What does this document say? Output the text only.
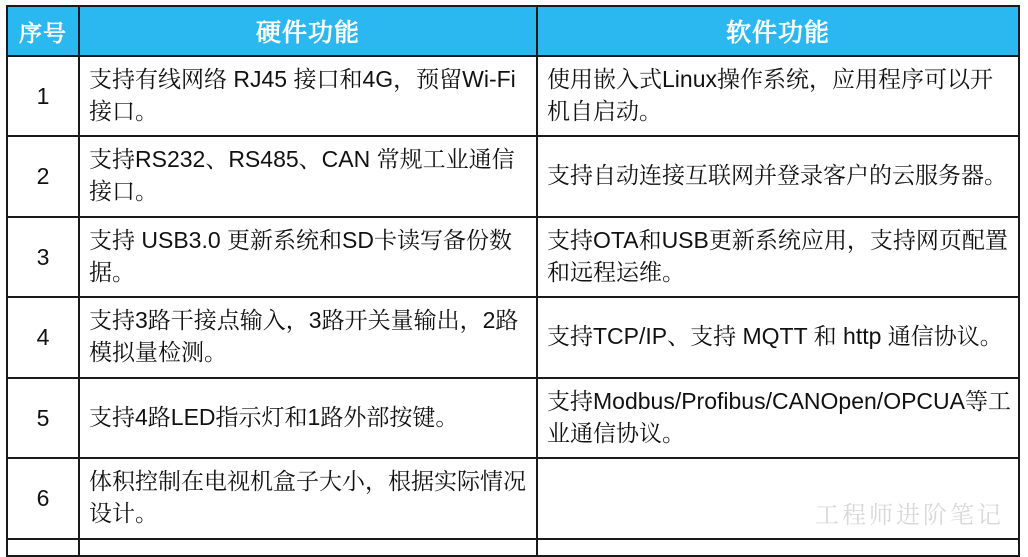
序号	硬件功能	软件功能
1	支持有线网络 RJ45 接口和4G，预留Wi-Fi接口。	使用嵌入式Linux操作系统，应用程序可以开机自启动。
2	支持RS232、RS485、CAN 常规工业通信接口。	支持自动连接互联网并登录客户的云服务器。
3	支持 USB3.0 更新系统和SD卡读写备份数据。	支持OTA和USB更新系统应用，支持网页配置和远程运维。
4	支持3路干接点输入，3路开关量输出，2路模拟量检测。	支持TCP/IP、支持 MQTT 和 http 通信协议。
5	支持4路LED指示灯和1路外部按键。	支持Modbus/Profibus/CANOpen/OPCUA等工业通信协议。
6	体积控制在电视机盒子大小，根据实际情况设计。	
			工程师进阶笔记
